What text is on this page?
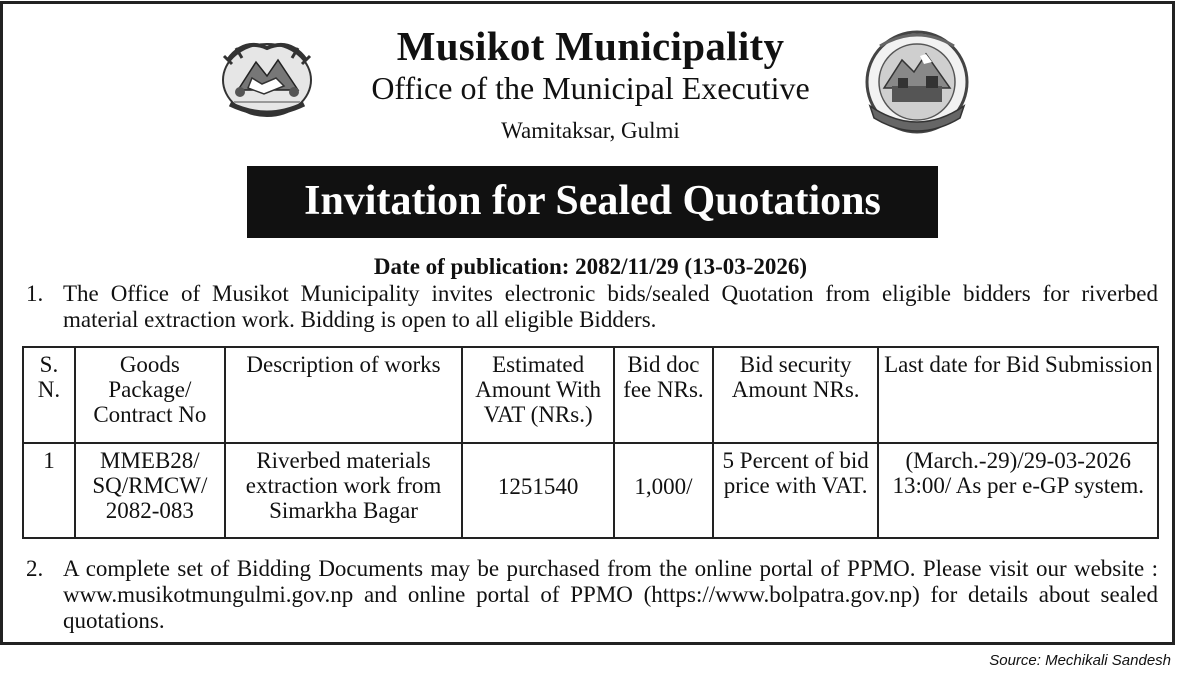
Musikot Municipality
Office of the Municipal Executive
Wamitaksar, Gulmi
Invitation for Sealed Quotations
Date of publication: 2082/11/29 (13-03-2026)
1. The Office of Musikot Municipality invites electronic bids/sealed Quotation from eligible bidders for riverbed material extraction work. Bidding is open to all eligible Bidders.
S. N.	Goods Package/ Contract No	Description of works	Estimated Amount With VAT (NRs.)	Bid doc fee NRs.	Bid security Amount NRs.	Last date for Bid Submission
1	MMEB28/ SQ/RMCW/ 2082-083	Riverbed materials extraction work from Simarkha Bagar	1251540	1,000/	5 Percent of bid price with VAT.	(March.-29)/29-03-2026 13:00/ As per e-GP system.
2. A complete set of Bidding Documents may be purchased from the online portal of PPMO. Please visit our website : www.musikotmungulmi.gov.np and online portal of PPMO (https://www.bolpatra.gov.np) for details about sealed quotations.
Source: Mechikali Sandesh
